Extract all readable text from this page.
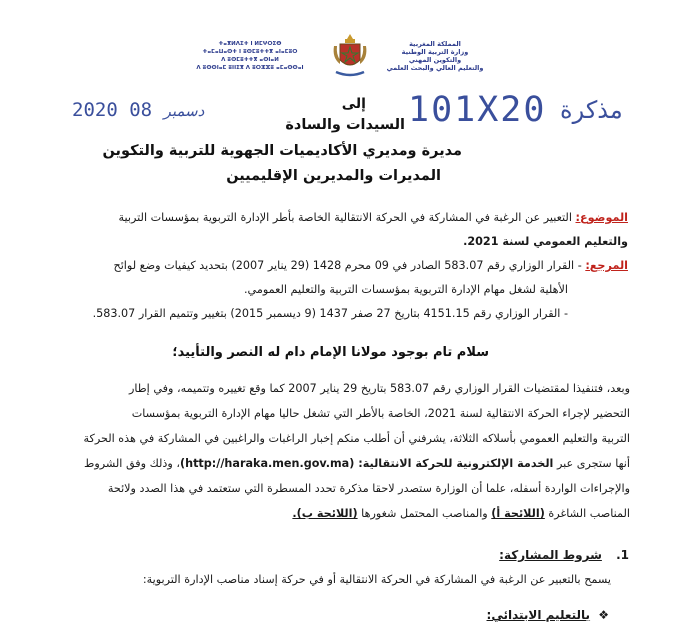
ⵜⴰⴳⵍⴷⵉⵜ ⵏ ⵍⵎⵖⵔⵉⴱ
ⵜⴰⵎⴰⵡⴰⵙⵜ ⵏ ⵓⵙⵎⵓⵜⵜⴳ ⴰⵏⴰⵎⵓⵔ
ⴷ ⵓⵙⵎⵓⵜⵜⴳ ⴰⵙⵏⴰⵍ
ⴷ ⵓⵙⵙⵏⴰⵎ ⵓⵏⵏⵉⴳ ⴷ ⵓⵔⵣⵣⵓ ⴰⵎⴰⵙⵙⴰⵏ
المملكة المغربية
وزارة التربية الوطنية
والتكوين المهني
والتعليم العالي والبحث العلمي
2020	دسمبر 08	101X20 مذكرة
إلى
السيدات والسادة
مديرة ومديري الأكاديميات الجهوية للتربية والتكوين
المديرات والمديرين الإقليميين
الموضوع: التعبير عن الرغبة في المشاركة في الحركة الانتقالية الخاصة بأطر الإدارة التربوية بمؤسسات التربية
والتعليم العمومي لسنة 2021.
المرجع: - القرار الوزاري رقم 583.07 الصادر في 09 محرم 1428 (29 يناير 2007) بتحديد كيفيات وضع لوائح
الأهلية لشغل مهام الإدارة التربوية بمؤسسات التربية والتعليم العمومي.
- القرار الوزاري رقم 4151.15 بتاريخ 27 صفر 1437 (9 ديسمبر 2015) بتغيير وتتميم القرار 583.07.
سلام تام بوجود مولانا الإمام دام له النصر والتأييد؛
وبعد، فتنفيذا لمقتضيات القرار الوزاري رقم 583.07 بتاريخ 29 يناير 2007 كما وقع تغييره وتتميمه، وفي إطار
التحضير لإجراء الحركة الانتقالية لسنة 2021، الخاصة بالأطر التي تشغل حاليا مهام الإدارة التربوية بمؤسسات
التربية والتعليم العمومي بأسلاكه الثلاثة، يشرفني أن أطلب منكم إخبار الراغبات والراغبين في المشاركة في هذه الحركة
أنها ستجرى عبر الخدمة الإلكترونية للحركة الانتقالية: (http://haraka.men.gov.ma)، وذلك وفق الشروط
والإجراءات الواردة أسفله، علما أن الوزارة ستصدر لاحقا مذكرة تحدد المسطرة التي ستعتمد في هذا الصدد ولائحة
المناصب الشاغرة (اللائحة أ) والمناصب المحتمل شغورها (اللائحة ب).
1. شروط المشاركة:
يسمح بالتعبير عن الرغبة في المشاركة في الحركة الانتقالية أو في حركة إسناد مناصب الإدارة التربوية:
❖ بالتعليم الابتدائي:
